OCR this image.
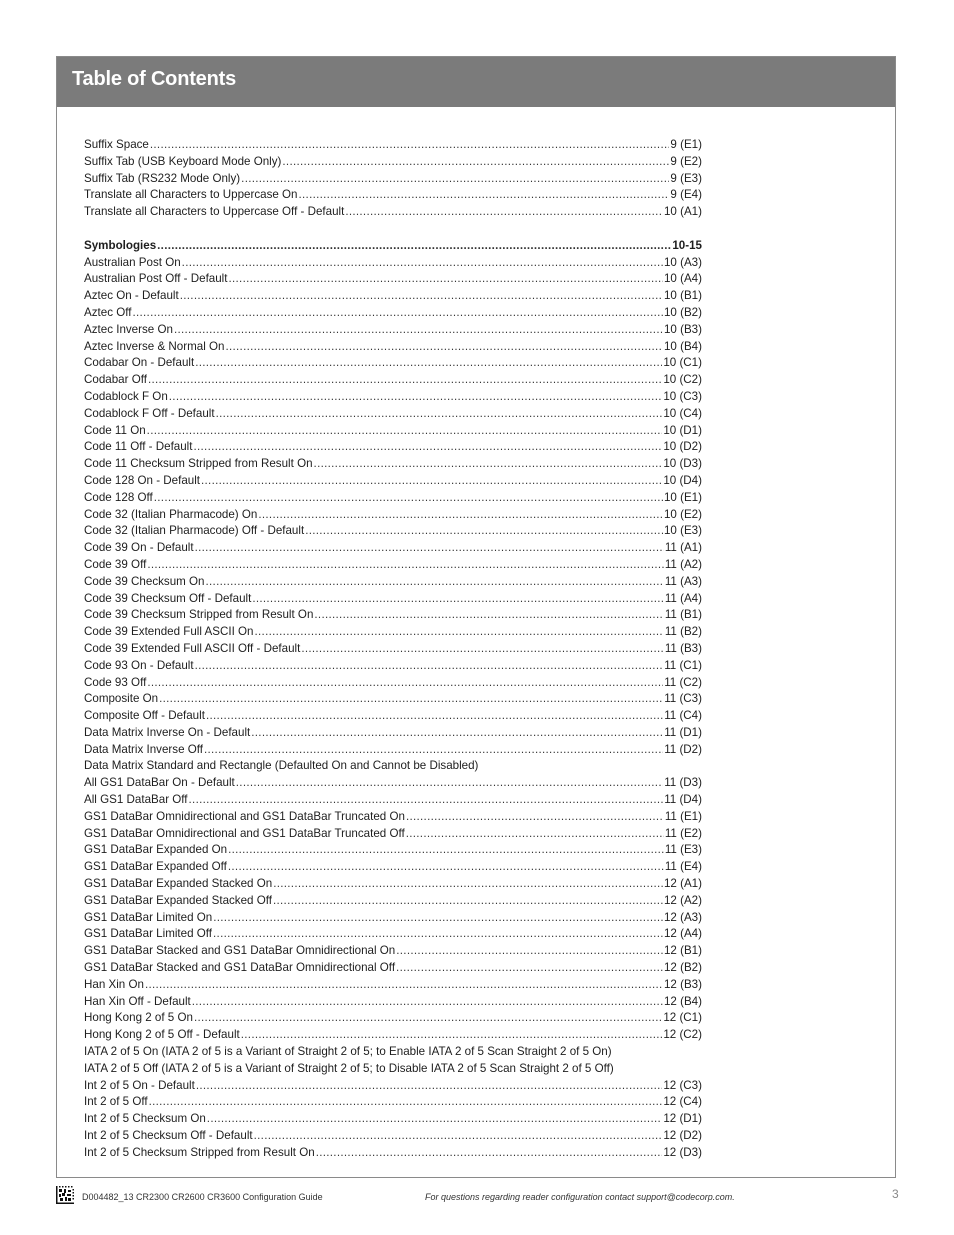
Table of Contents
Suffix Space .....	9 (E1)
Suffix Tab (USB Keyboard Mode Only) .....	9 (E2)
Suffix Tab (RS232 Mode Only) .....	9 (E3)
Translate all Characters to Uppercase On .....	9 (E4)
Translate all Characters to Uppercase Off - Default .....	10 (A1)
Symbologies .....	10-15
Australian Post On .....	10 (A3)
Australian Post Off - Default .....	10 (A4)
Aztec On - Default .....	10 (B1)
Aztec Off .....	10 (B2)
Aztec Inverse On .....	10 (B3)
Aztec Inverse & Normal On .....	10 (B4)
Codabar On - Default .....	10 (C1)
Codabar Off .....	10 (C2)
Codablock F On .....	10 (C3)
Codablock F Off - Default .....	10 (C4)
Code 11 On .....	10 (D1)
Code 11 Off - Default .....	10 (D2)
Code 11 Checksum Stripped from Result On .....	10 (D3)
Code 128 On - Default .....	10 (D4)
Code 128 Off .....	10 (E1)
Code 32 (Italian Pharmacode) On .....	10 (E2)
Code 32 (Italian Pharmacode) Off - Default .....	10 (E3)
Code 39 On - Default .....	11 (A1)
Code 39 Off .....	11 (A2)
Code 39 Checksum On .....	11 (A3)
Code 39 Checksum Off - Default .....	11 (A4)
Code 39 Checksum Stripped from Result On .....	11 (B1)
Code 39 Extended Full ASCII On .....	11 (B2)
Code 39 Extended Full ASCII Off - Default .....	11 (B3)
Code 93 On - Default .....	11 (C1)
Code 93 Off .....	11 (C2)
Composite On .....	11 (C3)
Composite Off - Default .....	11 (C4)
Data Matrix Inverse On - Default .....	11 (D1)
Data Matrix Inverse Off .....	11 (D2)
Data Matrix Standard and Rectangle (Defaulted On and Cannot be Disabled)
All GS1 DataBar On - Default .....	11 (D3)
All GS1 DataBar Off .....	11 (D4)
GS1 DataBar Omnidirectional and GS1 DataBar Truncated On .....	11 (E1)
GS1 DataBar Omnidirectional and GS1 DataBar Truncated Off .....	11 (E2)
GS1 DataBar Expanded On .....	11 (E3)
GS1 DataBar Expanded Off .....	11 (E4)
GS1 DataBar Expanded Stacked On .....	12 (A1)
GS1 DataBar Expanded Stacked Off .....	12 (A2)
GS1 DataBar Limited On .....	12 (A3)
GS1 DataBar Limited Off .....	12 (A4)
GS1 DataBar Stacked and GS1 DataBar Omnidirectional On .....	12 (B1)
GS1 DataBar Stacked and GS1 DataBar Omnidirectional Off .....	12 (B2)
Han Xin On .....	12 (B3)
Han Xin Off - Default .....	12 (B4)
Hong Kong 2 of 5 On .....	12 (C1)
Hong Kong 2 of 5 Off - Default .....	12 (C2)
IATA 2 of 5 On (IATA 2 of 5 is a Variant of Straight 2 of 5; to Enable IATA 2 of 5 Scan Straight 2 of 5 On)
IATA 2 of 5 Off (IATA 2 of 5 is a Variant of Straight 2 of 5; to Disable IATA 2 of 5 Scan Straight 2 of 5 Off)
Int 2 of 5 On - Default .....	12 (C3)
Int 2 of 5 Off .....	12 (C4)
Int 2 of 5 Checksum On .....	12 (D1)
Int 2 of 5 Checksum Off - Default .....	12 (D2)
Int 2 of 5 Checksum Stripped from Result On .....	12 (D3)
D004482_13 CR2300 CR2600 CR3600 Configuration Guide	For questions regarding reader configuration contact support@codecorp.com.	3
